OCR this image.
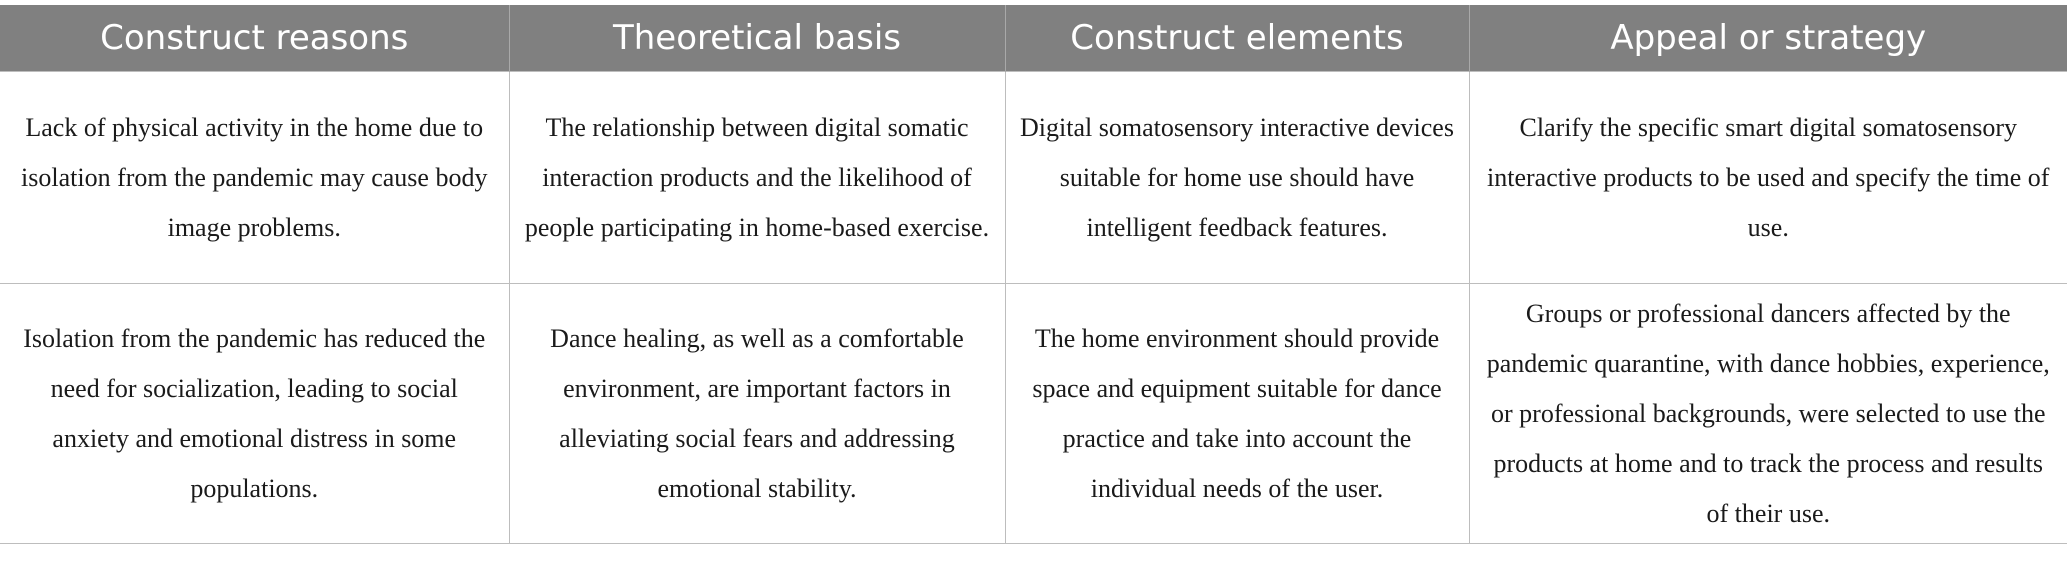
Construct reasons	Theoretical basis	Construct elements	Appeal or strategy
Lack of physical activity in the home due to isolation from the pandemic may cause body image problems.	The relationship between digital somatic interaction products and the likelihood of people participating in home-based exercise.	Digital somatosensory interactive devices suitable for home use should have intelligent feedback features.	Clarify the specific smart digital somatosensory interactive products to be used and specify the time of use.
Isolation from the pandemic has reduced the need for socialization, leading to social anxiety and emotional distress in some populations.	Dance healing, as well as a comfortable environment, are important factors in alleviating social fears and addressing emotional stability.	The home environment should provide space and equipment suitable for dance practice and take into account the individual needs of the user.	Groups or professional dancers affected by the pandemic quarantine, with dance hobbies, experience, or professional backgrounds, were selected to use the products at home and to track the process and results of their use.
